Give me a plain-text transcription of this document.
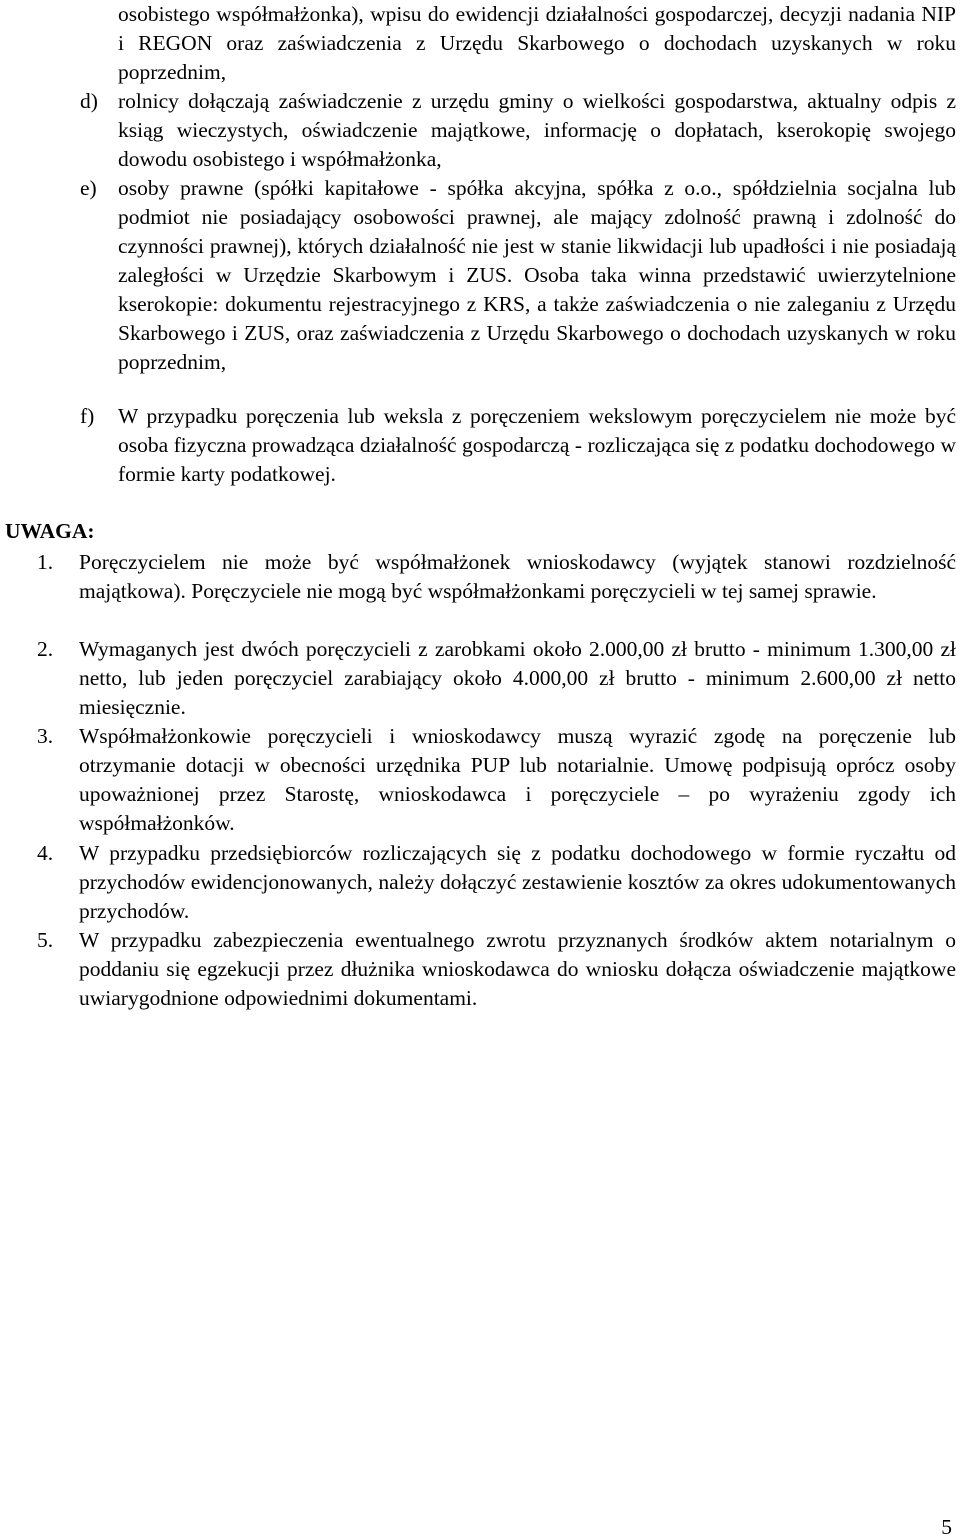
osobistego współmałżonka), wpisu do ewidencji działalności gospodarczej, decyzji nadania NIP i REGON oraz zaświadczenia z Urzędu Skarbowego o dochodach uzyskanych w roku poprzednim,
d) rolnicy dołączają zaświadczenie z urzędu gminy o wielkości gospodarstwa, aktualny odpis z ksiąg wieczystych, oświadczenie majątkowe, informację o dopłatach, kserokopię swojego dowodu osobistego i współmałżonka,
e) osoby prawne (spółki kapitałowe - spółka akcyjna, spółka z o.o., spółdzielnia socjalna lub podmiot nie posiadający osobowości prawnej, ale mający zdolność prawną i zdolność do czynności prawnej), których działalność nie jest w stanie likwidacji lub upadłości i nie posiadają zaległości w Urzędzie Skarbowym i ZUS. Osoba taka winna przedstawić uwierzytelnione kserokopie: dokumentu rejestracyjnego z KRS, a także zaświadczenia o nie zaleganiu z Urzędu Skarbowego i ZUS, oraz zaświadczenia z Urzędu Skarbowego o dochodach uzyskanych w roku poprzednim,
f) W przypadku poręczenia lub weksla z poręczeniem wekslowym poręczycielem nie może być osoba fizyczna prowadząca działalność gospodarczą - rozliczająca się z podatku dochodowego w formie karty podatkowej.
UWAGA:
1. Poręczycielem nie może być współmałżonek wnioskodawcy (wyjątek stanowi rozdzielność majątkowa). Poręczyciele nie mogą być współmałżonkami poręczycieli w tej samej sprawie.
2. Wymaganych jest dwóch poręczycieli z zarobkami około 2.000,00 zł brutto - minimum 1.300,00 zł netto, lub jeden poręczyciel zarabiający około 4.000,00 zł brutto - minimum 2.600,00 zł netto miesięcznie.
3. Współmałżonkowie poręczycieli i wnioskodawcy muszą wyrazić zgodę na poręczenie lub otrzymanie dotacji w obecności urzędnika PUP lub notarialnie. Umowę podpisują oprócz osoby upoważnionej przez Starostę, wnioskodawca i poręczyciele – po wyrażeniu zgody ich współmałżonków.
4. W przypadku przedsiębiorców rozliczających się z podatku dochodowego w formie ryczałtu od przychodów ewidencjonowanych, należy dołączyć zestawienie kosztów za okres udokumentowanych przychodów.
5. W przypadku zabezpieczenia ewentualnego zwrotu przyznanych środków aktem notarialnym o poddaniu się egzekucji przez dłużnika wnioskodawca do wniosku dołącza oświadczenie majątkowe uwiarygodnione odpowiednimi dokumentami.
5
